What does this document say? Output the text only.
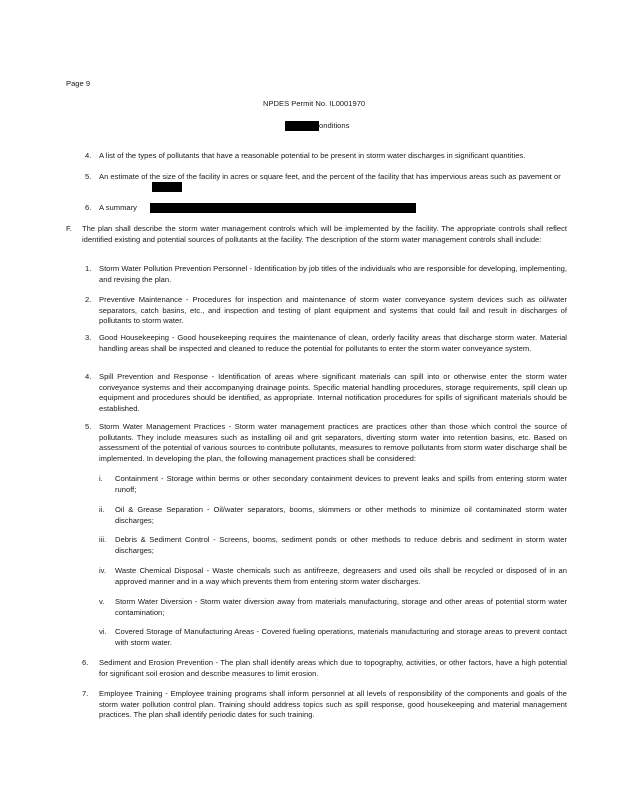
Page 9
NPDES Permit No. IL0001970
onditions
4. A list of the types of pollutants that have a reasonable potential to be present in storm water discharges in significant quantities.
5. An estimate of the size of the facility in acres or square feet, and the percent of the facility that has impervious areas such as pavement or
6. A summary
F. The plan shall describe the storm water management controls which will be implemented by the facility. The appropriate controls shall reflect identified existing and potential sources of pollutants at the facility. The description of the storm water management controls shall include:
1. Storm Water Pollution Prevention Personnel - Identification by job titles of the individuals who are responsible for developing, implementing, and revising the plan.
2. Preventive Maintenance - Procedures for inspection and maintenance of storm water conveyance system devices such as oil/water separators, catch basins, etc., and inspection and testing of plant equipment and systems that could fail and result in discharges of pollutants to storm water.
3. Good Housekeeping - Good housekeeping requires the maintenance of clean, orderly facility areas that discharge storm water. Material handling areas shall be inspected and cleaned to reduce the potential for pollutants to enter the storm water conveyance system.
4. Spill Prevention and Response - Identification of areas where significant materials can spill into or otherwise enter the storm water conveyance systems and their accompanying drainage points. Specific material handling procedures, storage requirements, spill clean up equipment and procedures should be identified, as appropriate. Internal notification procedures for spills of significant materials should be established.
5. Storm Water Management Practices - Storm water management practices are practices other than those which control the source of pollutants. They include measures such as installing oil and grit separators, diverting storm water into retention basins, etc. Based on assessment of the potential of various sources to contribute pollutants, measures to remove pollutants from storm water discharge shall be implemented. In developing the plan, the following management practices shall be considered:
i. Containment - Storage within berms or other secondary containment devices to prevent leaks and spills from entering storm water runoff;
ii. Oil & Grease Separation - Oil/water separators, booms, skimmers or other methods to minimize oil contaminated storm water discharges;
iii. Debris & Sediment Control - Screens, booms, sediment ponds or other methods to reduce debris and sediment in storm water discharges;
iv. Waste Chemical Disposal - Waste chemicals such as antifreeze, degreasers and used oils shall be recycled or disposed of in an approved manner and in a way which prevents them from entering storm water discharges.
v. Storm Water Diversion - Storm water diversion away from materials manufacturing, storage and other areas of potential storm water contamination;
vi. Covered Storage of Manufacturing Areas - Covered fueling operations, materials manufacturing and storage areas to prevent contact with storm water.
6. Sediment and Erosion Prevention - The plan shall identify areas which due to topography, activities, or other factors, have a high potential for significant soil erosion and describe measures to limit erosion.
7. Employee Training - Employee training programs shall inform personnel at all levels of responsibility of the components and goals of the storm water pollution control plan. Training should address topics such as spill response, good housekeeping and material management practices. The plan shall identify periodic dates for such training.
